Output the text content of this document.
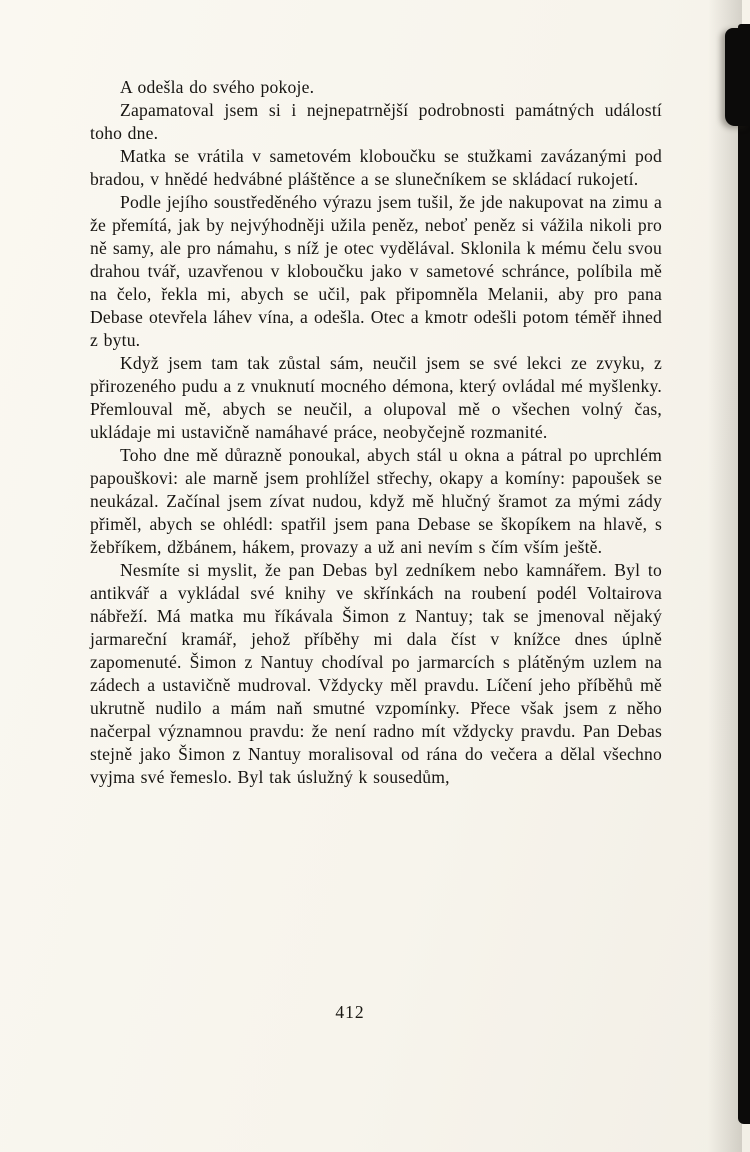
A odešla do svého pokoje.

Zapamatoval jsem si i nejnepatrnější podrobnosti památných událostí toho dne.

Matka se vrátila v sametovém kloboučku se stužkami zavázanými pod bradou, v hnědé hedvábné pláštěnce a se slunečníkem se skládací rukojetí.

Podle jejího soustředěného výrazu jsem tušil, že jde nakupovat na zimu a že přemítá, jak by nejvýhodněji užila peněz, neboť peněz si vážila nikoli pro ně samy, ale pro námahu, s níž je otec vydělával. Sklonila k mému čelu svou drahou tvář, uzavřenou v kloboučku jako v sametové schránce, políbila mě na čelo, řekla mi, abych se učil, pak připomněla Melanii, aby pro pana Debase otevřela láhev vína, a odešla. Otec a kmotr odešli potom téměř ihned z bytu.

Když jsem tam tak zůstal sám, neučil jsem se své lekci ze zvyku, z přirozeného pudu a z vnuknutí mocného démona, který ovládal mé myšlenky. Přemlouval mě, abych se neučil, a olupoval mě o všechen volný čas, ukládaje mi ustavičně namáhavé práce, neobyčejně rozmanité.

Toho dne mě důrazně ponoukal, abych stál u okna a pátral po uprchlém papouškovi: ale marně jsem prohlížel střechy, okapy a komíny: papoušek se neukázal. Začínal jsem zívat nudou, když mě hlučný šramot za mými zády přiměl, abych se ohlédl: spatřil jsem pana Debase se škopíkem na hlavě, s žebříkem, džbánem, hákem, provazy a už ani nevím s čím vším ještě.

Nesmíte si myslit, že pan Debas byl zedníkem nebo kamnářem. Byl to antikvář a vykládal své knihy ve skřínkách na roubení podél Voltairova nábřeží. Má matka mu říkávala Šimon z Nantuy; tak se jmenoval nějaký jarmareční kramář, jehož příběhy mi dala číst v knížce dnes úplně zapomenuté. Šimon z Nantuy chodíval po jarmarcích s plátěným uzlem na zádech a ustavičně mudroval. Vždycky měl pravdu. Líčení jeho příběhů mě ukrutně nudilo a mám naň smutné vzpomínky. Přece však jsem z něho načerpal významnou pravdu: že není radno mít vždycky pravdu. Pan Debas stejně jako Šimon z Nantuy moralisoval od rána do večera a dělal všechno vyjma své řemeslo. Byl tak úslužný k sousedům,

412
